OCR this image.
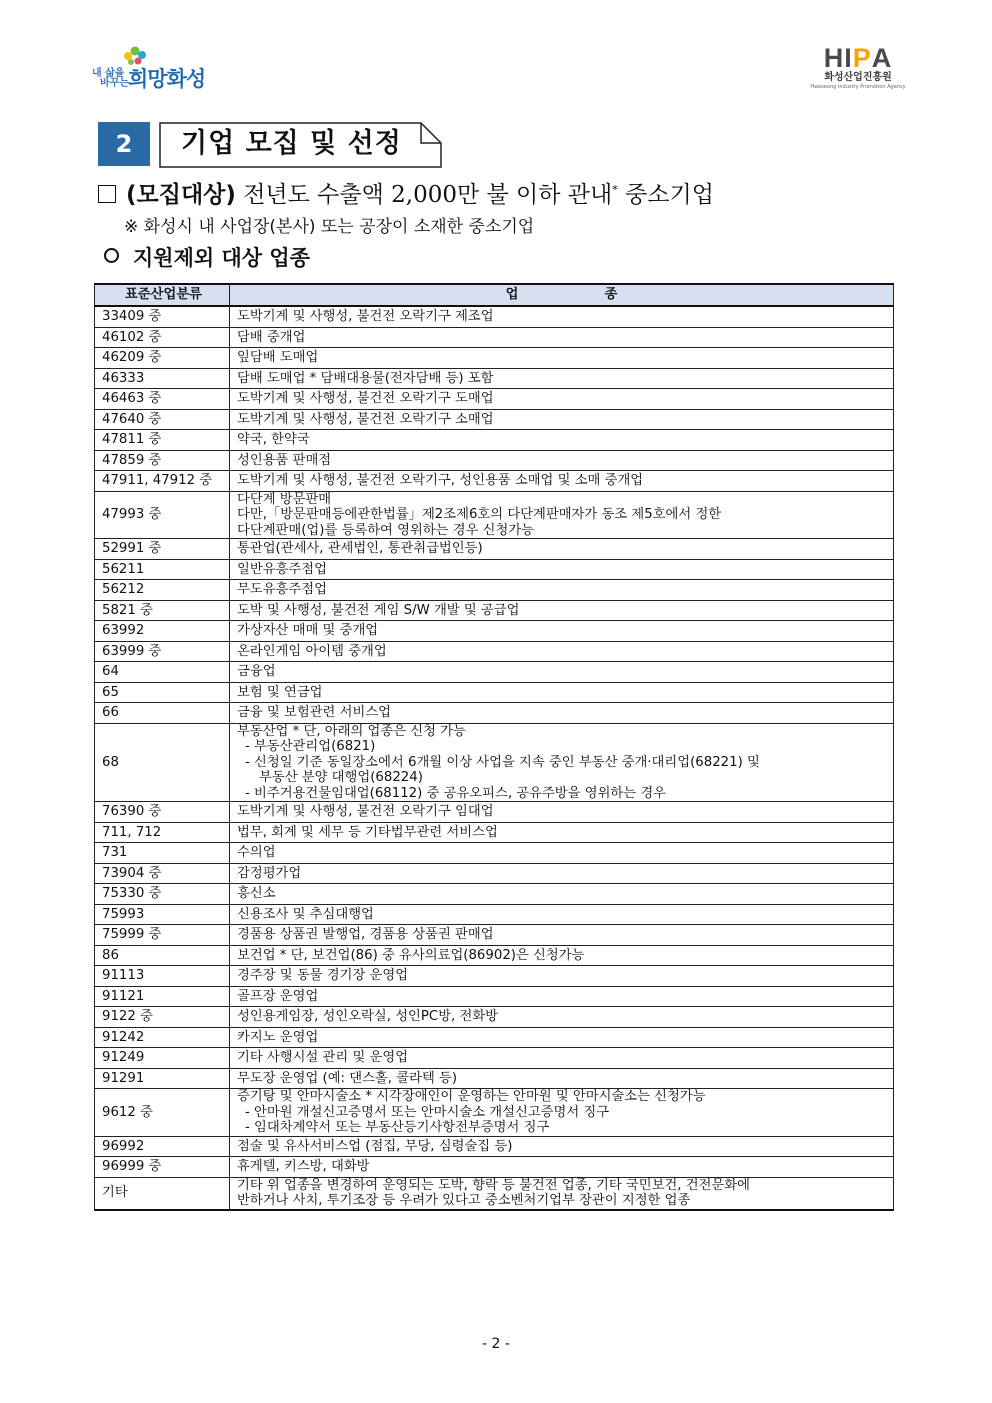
내 삶을
바꾸는 희망화성
HIPA
화성산업진흥원
Hwaseong Industry Promotion Agency
2	기업 모집 및 선정
(모집대상) 전년도 수출액 2,000만 불 이하 관내* 중소기업
※ 화성시 내 사업장(본사) 또는 공장이 소재한 중소기업
지원제외 대상 업종
표준산업분류	업종
33409 중	도박기계 및 사행성, 불건전 오락기구 제조업

46102 중	담배 중개업

46209 중	잎담배 도매업

46333	담배 도매업 * 담배대용물(전자담배 등) 포함

46463 중	도박기계 및 사행성, 불건전 오락기구 도매업

47640 중	도박기계 및 사행성, 불건전 오락기구 소매업

47811 중	약국, 한약국

47859 중	성인용품 판매점

47911, 47912 중	도박기계 및 사행성, 불건전 오락기구, 성인용품 소매업 및 소매 중개업

47993 중	다단계 방문판매
다만,「방문판매등에관한법률」제2조제6호의 다단계판매자가 동조 제5호에서 정한
다단계판매(업)를 등록하여 영위하는 경우 신청가능

52991 중	통관업(관세사, 관세법인, 통관취급법인등)

56211	일반유흥주점업

56212	무도유흥주점업

5821 중	도박 및 사행성, 불건전 게임 S/W 개발 및 공급업

63992	가상자산 매매 및 중개업

63999 중	온라인게임 아이템 중개업

64	금융업

65	보험 및 연금업

66	금융 및 보험관련 서비스업

68	부동산업 * 단, 아래의 업종은 신청 가능
- 부동산관리업(6821)
- 신청일 기준 동일장소에서 6개월 이상 사업을 지속 중인 부동산 중개·대리업(68221) 및
부동산 분양 대행업(68224)
- 비주거용건물임대업(68112) 중 공유오피스, 공유주방을 영위하는 경우

76390 중	도박기계 및 사행성, 불건전 오락기구 임대업

711, 712	법무, 회계 및 세무 등 기타법무관련 서비스업

731	수의업

73904 중	감정평가업

75330 중	흥신소

75993	신용조사 및 추심대행업

75999 중	경품용 상품권 발행업, 경품용 상품권 판매업

86	보건업 * 단, 보건업(86) 중 유사의료업(86902)은 신청가능

91113	경주장 및 동물 경기장 운영업

91121	골프장 운영업

9122 중	성인용게임장, 성인오락실, 성인PC방, 전화방

91242	카지노 운영업

91249	기타 사행시설 관리 및 운영업

91291	무도장 운영업 (예: 댄스홀, 콜라텍 등)

9612 중	증기탕 및 안마시술소 * 시각장애인이 운영하는 안마원 및 안마시술소는 신청가능
- 안마원 개설신고증명서 또는 안마시술소 개설신고증명서 징구
- 임대차계약서 또는 부동산등기사항전부증명서 징구

96992	점술 및 유사서비스업 (점집, 무당, 심령술집 등)

96999 중	휴게텔, 키스방, 대화방

기타	기타 위 업종을 변경하여 운영되는 도박, 향락 등 불건전 업종, 기타 국민보건, 건전문화에
반하거나 사치, 투기조장 등 우려가 있다고 중소벤처기업부 장관이 지정한 업종
- 2 -
